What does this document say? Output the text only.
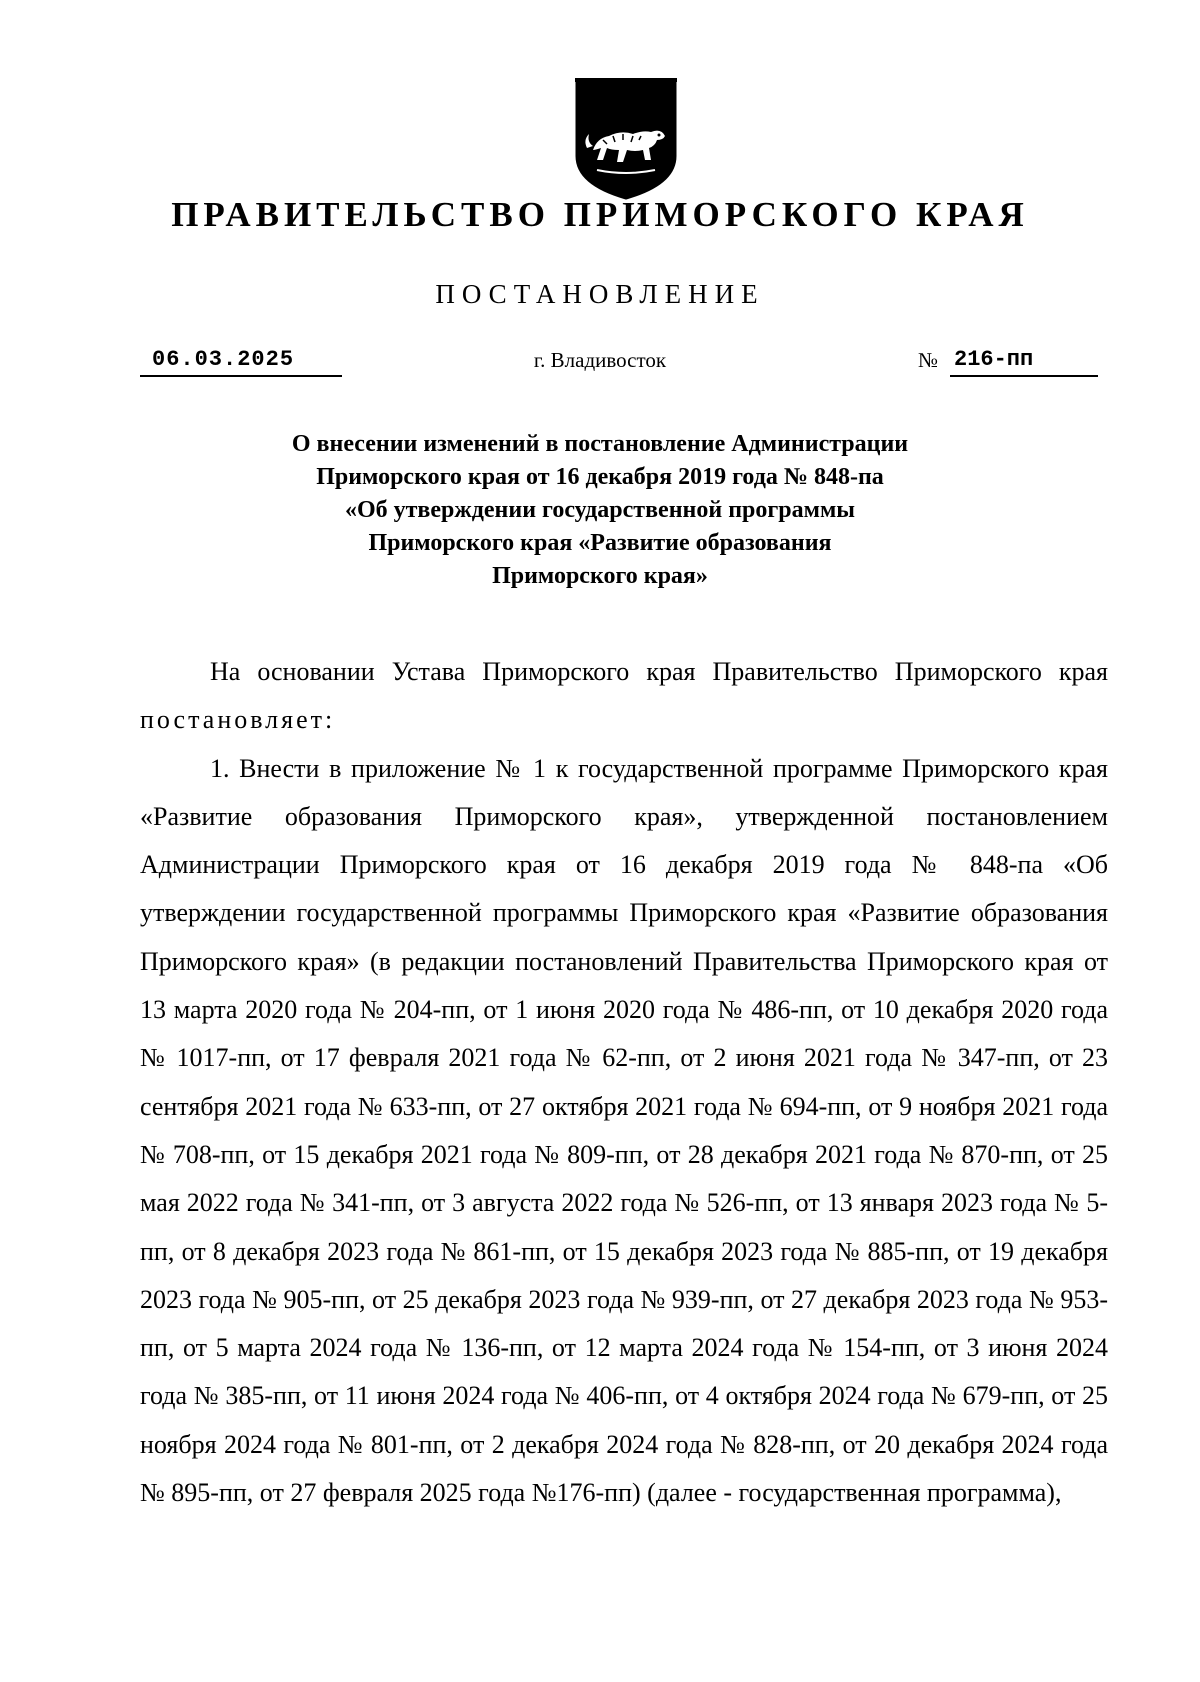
ПРАВИТЕЛЬСТВО ПРИМОРСКОГО КРАЯ
ПОСТАНОВЛЕНИЕ
06.03.2025	г. Владивосток	№ 216-пп
О внесении изменений в постановление Администрации
Приморского края от 16 декабря 2019 года № 848-па
«Об утверждении государственной программы
Приморского края «Развитие образования
Приморского края»

На основании Устава Приморского края Правительство Приморского края постановляет:

1. Внести в приложение № 1 к государственной программе Приморского края «Развитие образования Приморского края», утвержденной постановлением Администрации Приморского края от 16 декабря 2019 года № 848-па «Об утверждении государственной программы Приморского края «Развитие образования Приморского края» (в редакции постановлений Правительства Приморского края от 13 марта 2020 года № 204-пп, от 1 июня 2020 года № 486-пп, от 10 декабря 2020 года № 1017-пп, от 17 февраля 2021 года № 62-пп, от 2 июня 2021 года № 347-пп, от 23 сентября 2021 года № 633-пп, от 27 октября 2021 года № 694-пп, от 9 ноября 2021 года № 708-пп, от 15 декабря 2021 года № 809-пп, от 28 декабря 2021 года № 870-пп, от 25 мая 2022 года № 341-пп, от 3 августа 2022 года № 526-пп, от 13 января 2023 года № 5-пп, от 8 декабря 2023 года № 861-пп, от 15 декабря 2023 года № 885-пп, от 19 декабря 2023 года № 905-пп, от 25 декабря 2023 года № 939-пп, от 27 декабря 2023 года № 953-пп, от 5 марта 2024 года № 136-пп, от 12 марта 2024 года № 154-пп, от 3 июня 2024 года № 385-пп, от 11 июня 2024 года № 406-пп, от 4 октября 2024 года № 679-пп, от 25 ноября 2024 года № 801-пп, от 2 декабря 2024 года № 828-пп, от 20 декабря 2024 года № 895-пп, от 27 февраля 2025 года №176-пп) (далее - государственная программа),
